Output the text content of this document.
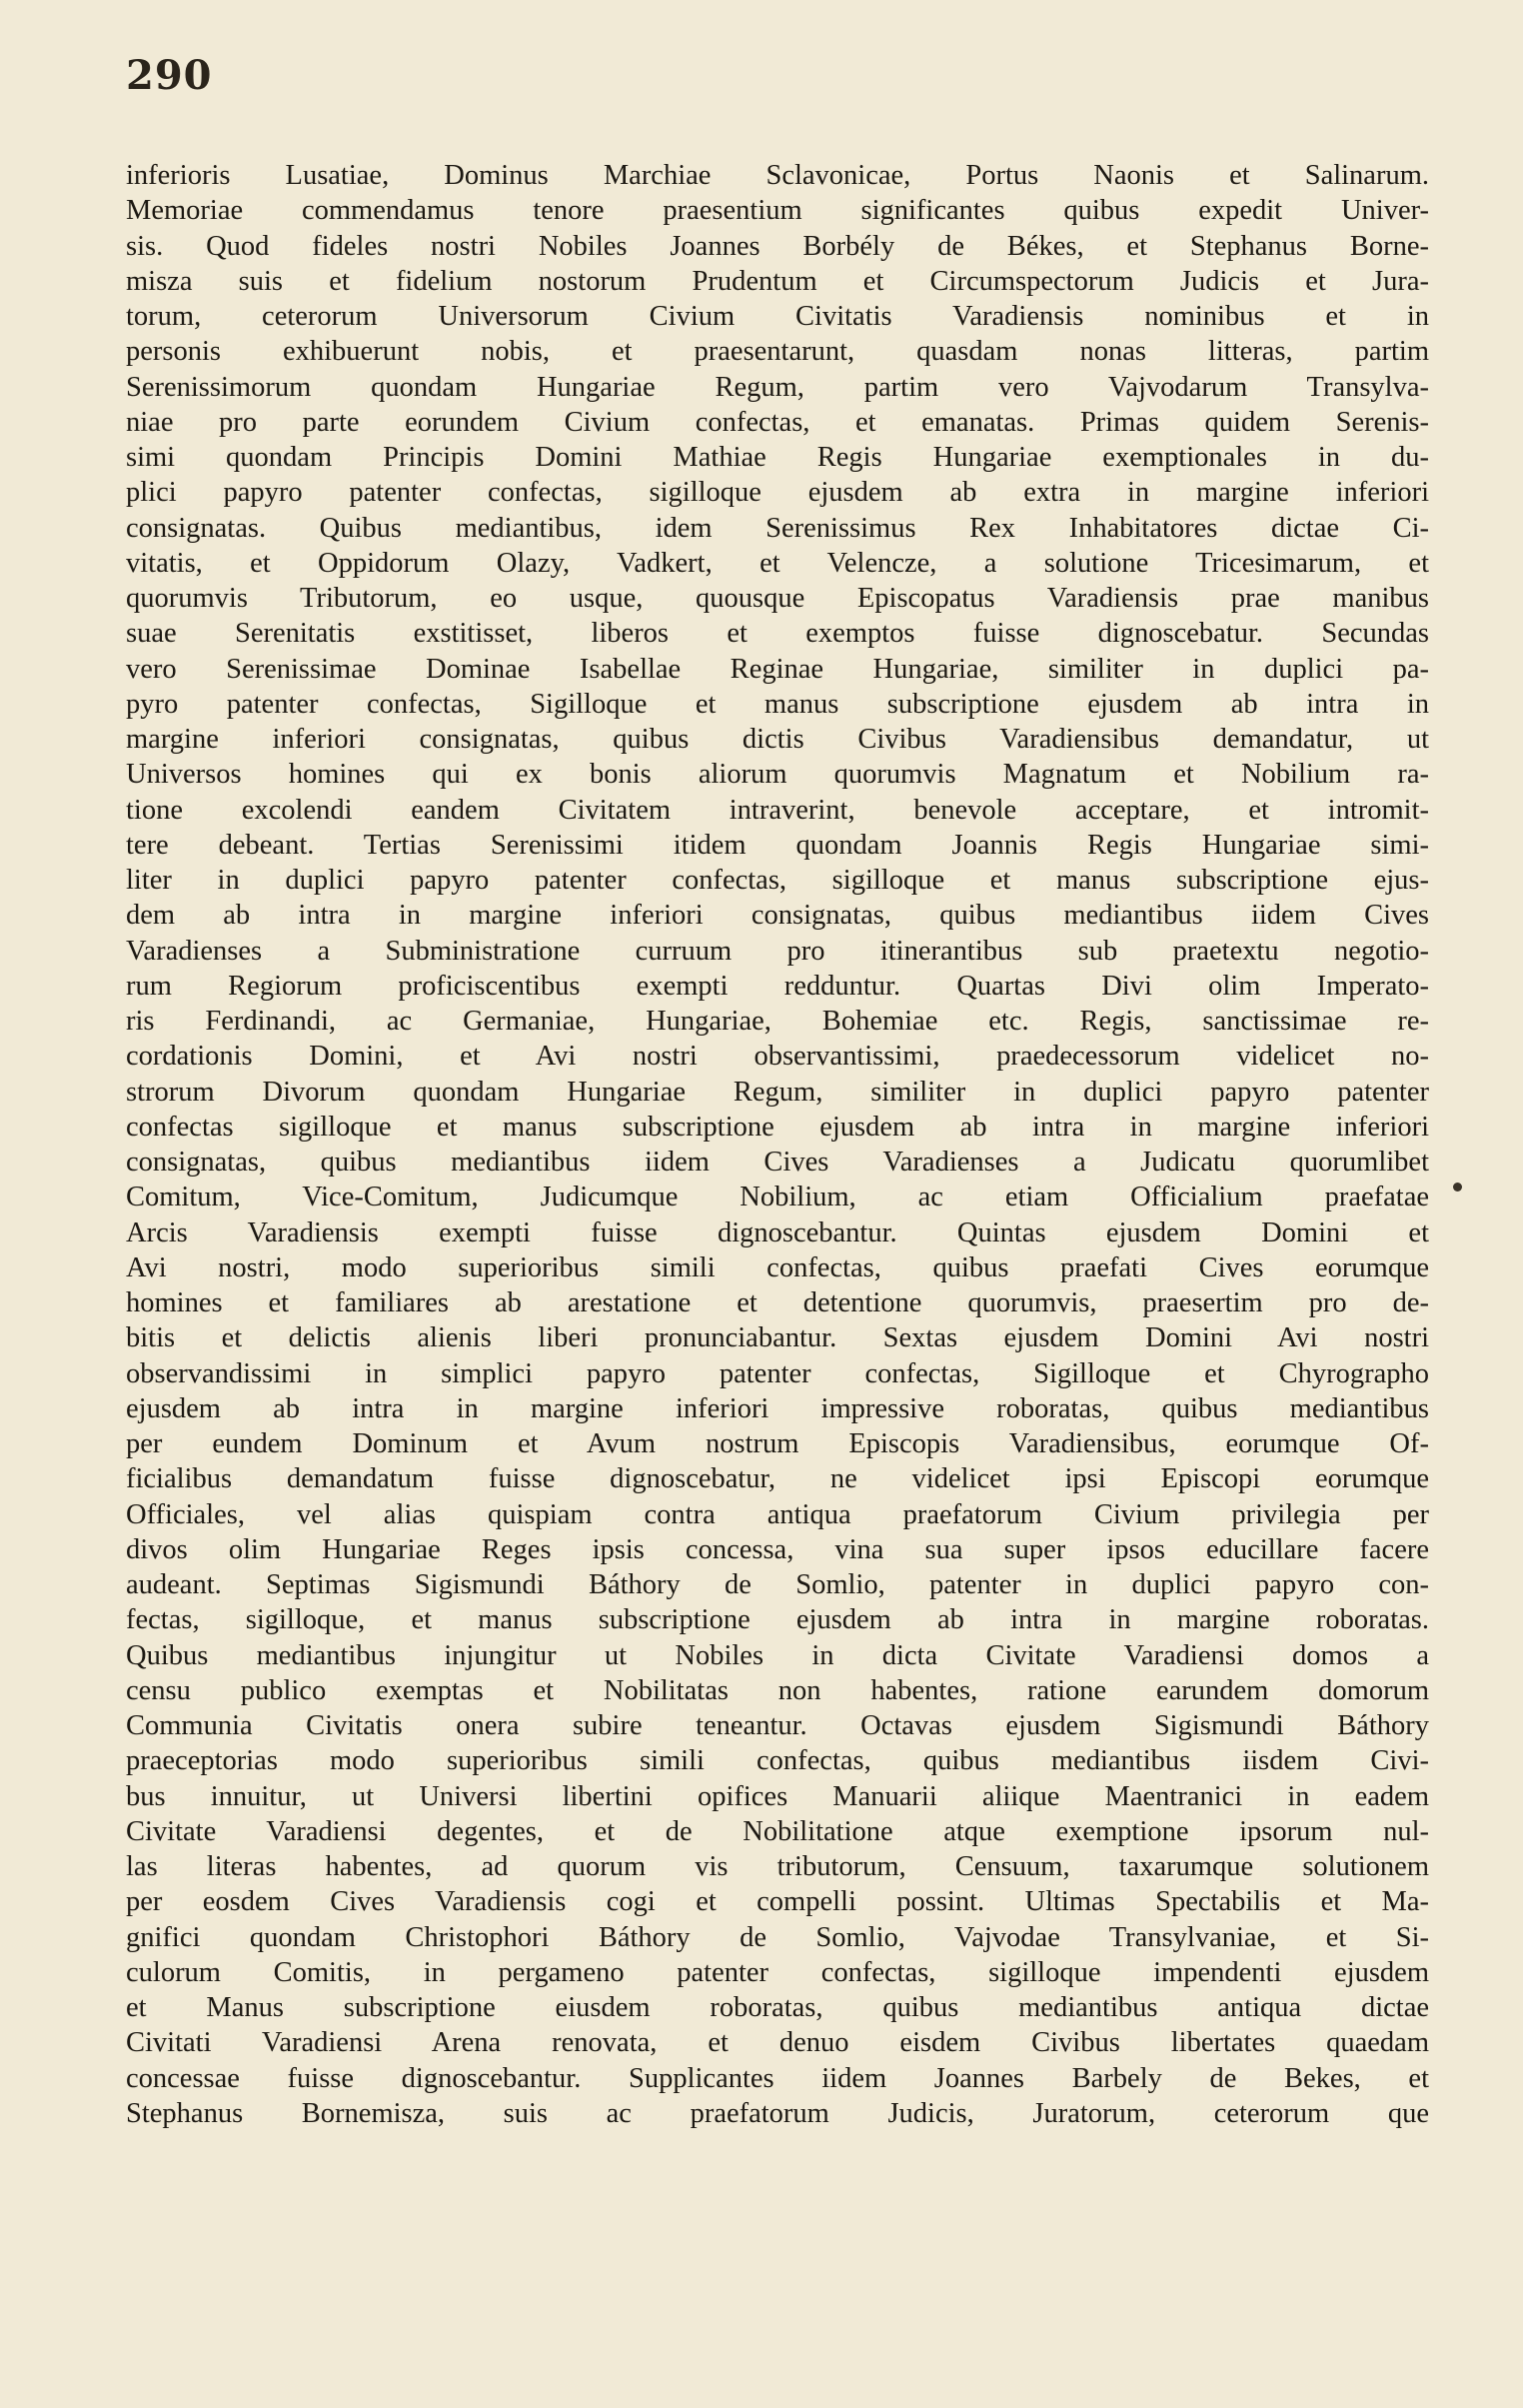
290
inferioris Lusatiae, Dominus Marchiae Sclavonicae, Portus Naonis et Salinarum.
Memoriae commendamus tenore praesentium significantes quibus expedit Univer-
sis. Quod fideles nostri Nobiles Joannes Borbély de Békes, et Stephanus Borne-
misza suis et fidelium nostorum Prudentum et Circumspectorum Judicis et Jura-
torum, ceterorum Universorum Civium Civitatis Varadiensis nominibus et in
personis exhibuerunt nobis, et praesentarunt, quasdam nonas litteras, partim
Serenissimorum quondam Hungariae Regum, partim vero Vajvodarum Transylva-
niae pro parte eorundem Civium confectas, et emanatas. Primas quidem Serenis-
simi quondam Principis Domini Mathiae Regis Hungariae exemptionales in du-
plici papyro patenter confectas, sigilloque ejusdem ab extra in margine inferiori
consignatas. Quibus mediantibus, idem Serenissimus Rex Inhabitatores dictae Ci-
vitatis, et Oppidorum Olazy, Vadkert, et Velencze, a solutione Tricesimarum, et
quorumvis Tributorum, eo usque, quousque Episcopatus Varadiensis prae manibus
suae Serenitatis exstitisset, liberos et exemptos fuisse dignoscebatur. Secundas
vero Serenissimae Dominae Isabellae Reginae Hungariae, similiter in duplici pa-
pyro patenter confectas, Sigilloque et manus subscriptione ejusdem ab intra in
margine inferiori consignatas, quibus dictis Civibus Varadiensibus demandatur, ut
Universos homines qui ex bonis aliorum quorumvis Magnatum et Nobilium ra-
tione excolendi eandem Civitatem intraverint, benevole acceptare, et intromit-
tere debeant. Tertias Serenissimi itidem quondam Joannis Regis Hungariae simi-
liter in duplici papyro patenter confectas, sigilloque et manus subscriptione ejus-
dem ab intra in margine inferiori consignatas, quibus mediantibus iidem Cives
Varadienses a Subministratione curruum pro itinerantibus sub praetextu negotio-
rum Regiorum proficiscentibus exempti redduntur. Quartas Divi olim Imperato-
ris Ferdinandi, ac Germaniae, Hungariae, Bohemiae etc. Regis, sanctissimae re-
cordationis Domini, et Avi nostri observantissimi, praedecessorum videlicet no-
strorum Divorum quondam Hungariae Regum, similiter in duplici papyro patenter
confectas sigilloque et manus subscriptione ejusdem ab intra in margine inferiori
consignatas, quibus mediantibus iidem Cives Varadienses a Judicatu quorumlibet
Comitum, Vice-Comitum, Judicumque Nobilium, ac etiam Officialium praefatae
Arcis Varadiensis exempti fuisse dignoscebantur. Quintas ejusdem Domini et
Avi nostri, modo superioribus simili confectas, quibus praefati Cives eorumque
homines et familiares ab arestatione et detentione quorumvis, praesertim pro de-
bitis et delictis alienis liberi pronunciabantur. Sextas ejusdem Domini Avi nostri
observandissimi in simplici papyro patenter confectas, Sigilloque et Chyrographo
ejusdem ab intra in margine inferiori impressive roboratas, quibus mediantibus
per eundem Dominum et Avum nostrum Episcopis Varadiensibus, eorumque Of-
ficialibus demandatum fuisse dignoscebatur, ne videlicet ipsi Episcopi eorumque
Officiales, vel alias quispiam contra antiqua praefatorum Civium privilegia per
divos olim Hungariae Reges ipsis concessa, vina sua super ipsos educillare facere
audeant. Septimas Sigismundi Báthory de Somlio, patenter in duplici papyro con-
fectas, sigilloque, et manus subscriptione ejusdem ab intra in margine roboratas.
Quibus mediantibus injungitur ut Nobiles in dicta Civitate Varadiensi domos a
censu publico exemptas et Nobilitatas non habentes, ratione earundem domorum
Communia Civitatis onera subire teneantur. Octavas ejusdem Sigismundi Báthory
praeceptorias modo superioribus simili confectas, quibus mediantibus iisdem Civi-
bus innuitur, ut Universi libertini opifices Manuarii aliique Maentranici in eadem
Civitate Varadiensi degentes, et de Nobilitatione atque exemptione ipsorum nul-
las literas habentes, ad quorum vis tributorum, Censuum, taxarumque solutionem
per eosdem Cives Varadiensis cogi et compelli possint. Ultimas Spectabilis et Ma-
gnifici quondam Christophori Báthory de Somlio, Vajvodae Transylvaniae, et Si-
culorum Comitis, in pergameno patenter confectas, sigilloque impendenti ejusdem
et Manus subscriptione eiusdem roboratas, quibus mediantibus antiqua dictae
Civitati Varadiensi Arena renovata, et denuo eisdem Civibus libertates quaedam
concessae fuisse dignoscebantur. Supplicantes iidem Joannes Barbely de Bekes, et
Stephanus Bornemisza, suis ac praefatorum Judicis, Juratorum, ceterorum que
